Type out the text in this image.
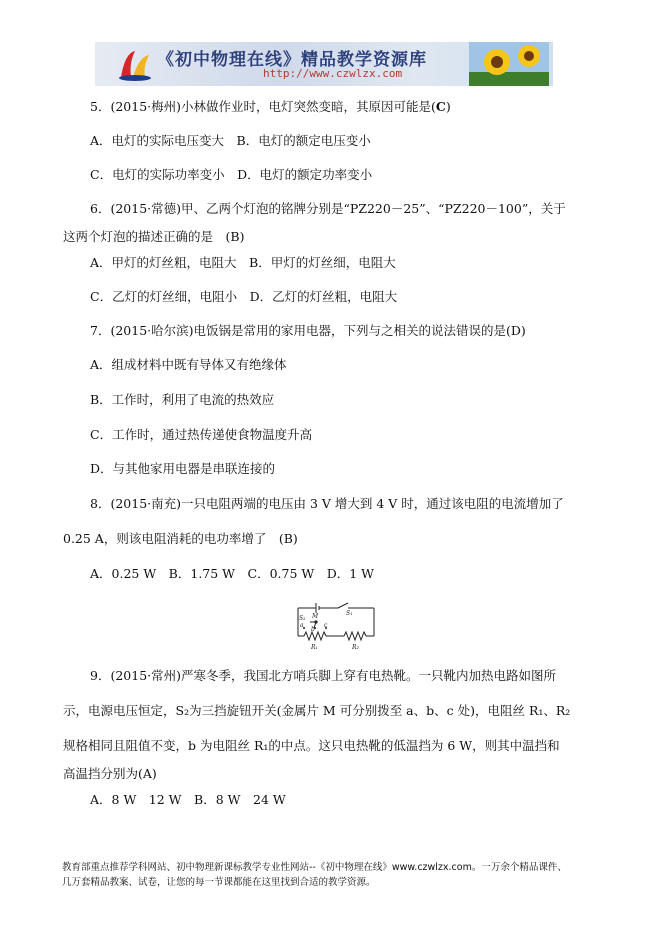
《初中物理在线》精品教学资源库
http://www.czwlzx.com
5．(2015·梅州)小林做作业时，电灯突然变暗，其原因可能是(C)
A．电灯的实际电压变大　B．电灯的额定电压变小
C．电灯的实际功率变小　D．电灯的额定功率变小
6．(2015·常德)甲、乙两个灯泡的铭牌分别是“PZ220－25”、“PZ220－100”，关于
这两个灯泡的描述正确的是　(B)
A．甲灯的灯丝粗，电阻大　B．甲灯的灯丝细，电阻大
C．乙灯的灯丝细，电阻小　D．乙灯的灯丝粗，电阻大
7．(2015·哈尔滨)电饭锅是常用的家用电器，下列与之相关的说法错误的是(D)
A．组成材料中既有导体又有绝缘体
B．工作时，利用了电流的热效应
C．工作时，通过热传递使食物温度升高
D．与其他家用电器是串联连接的
8．(2015·南充)一只电阻两端的电压由 3 V 增大到 4 V 时，通过该电阻的电流增加了
0.25 A，则该电阻消耗的电功率增了　(B)
A．0.25 W　B．1.75 W　C．0.75 W　D．1 W
S₂ M
a
b
c
S₁
R₁	R₂
9．(2015·常州)严寒冬季，我国北方哨兵脚上穿有电热靴。一只靴内加热电路如图所
示，电源电压恒定，S₂为三挡旋钮开关(金属片 M 可分别拨至 a、b、c 处)，电阻丝 R₁、R₂
规格相同且阻值不变，b 为电阻丝 R₁的中点。这只电热靴的低温挡为 6 W，则其中温挡和
高温挡分别为(A)
A．8 W　12 W　B．8 W　24 W
教育部重点推荐学科网站、初中物理新课标教学专业性网站--《初中物理在线》www.czwlzx.com。一万余个精品课件、
几万套精品教案、试卷，让您的每一节课都能在这里找到合适的教学资源。
